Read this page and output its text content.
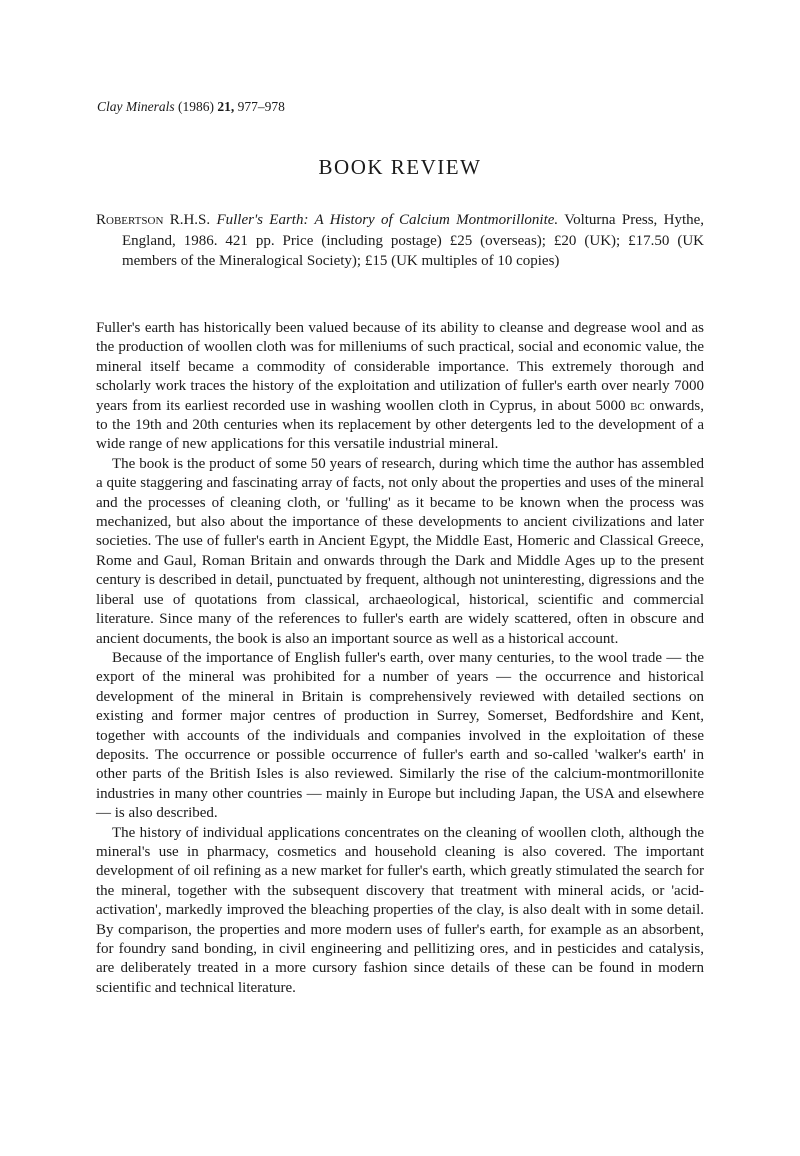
Clay Minerals (1986) 21, 977–978
BOOK REVIEW
Robertson R.H.S. Fuller's Earth: A History of Calcium Montmorillonite. Volturna Press, Hythe, England, 1986. 421 pp. Price (including postage) £25 (overseas); £20 (UK); £17.50 (UK members of the Mineralogical Society); £15 (UK multiples of 10 copies)

Fuller's earth has historically been valued because of its ability to cleanse and degrease wool and as the production of woollen cloth was for milleniums of such practical, social and economic value, the mineral itself became a commodity of considerable importance. This extremely thorough and scholarly work traces the history of the exploitation and utilization of fuller's earth over nearly 7000 years from its earliest recorded use in washing woollen cloth in Cyprus, in about 5000 bc onwards, to the 19th and 20th centuries when its replacement by other detergents led to the development of a wide range of new applications for this versatile industrial mineral.

The book is the product of some 50 years of research, during which time the author has assembled a quite staggering and fascinating array of facts, not only about the properties and uses of the mineral and the processes of cleaning cloth, or 'fulling' as it became to be known when the process was mechanized, but also about the importance of these developments to ancient civilizations and later societies. The use of fuller's earth in Ancient Egypt, the Middle East, Homeric and Classical Greece, Rome and Gaul, Roman Britain and onwards through the Dark and Middle Ages up to the present century is described in detail, punctuated by frequent, although not uninteresting, digressions and the liberal use of quotations from classical, archaeological, historical, scientific and commercial literature. Since many of the references to fuller's earth are widely scattered, often in obscure and ancient documents, the book is also an important source as well as a historical account.

Because of the importance of English fuller's earth, over many centuries, to the wool trade — the export of the mineral was prohibited for a number of years — the occurrence and historical development of the mineral in Britain is comprehensively reviewed with detailed sections on existing and former major centres of production in Surrey, Somerset, Bedfordshire and Kent, together with accounts of the individuals and companies involved in the exploitation of these deposits. The occurrence or possible occurrence of fuller's earth and so-called 'walker's earth' in other parts of the British Isles is also reviewed. Similarly the rise of the calcium-montmorillonite industries in many other countries — mainly in Europe but including Japan, the USA and elsewhere — is also described.

The history of individual applications concentrates on the cleaning of woollen cloth, although the mineral's use in pharmacy, cosmetics and household cleaning is also covered. The important development of oil refining as a new market for fuller's earth, which greatly stimulated the search for the mineral, together with the subsequent discovery that treatment with mineral acids, or 'acid-activation', markedly improved the bleaching properties of the clay, is also dealt with in some detail. By comparison, the properties and more modern uses of fuller's earth, for example as an absorbent, for foundry sand bonding, in civil engineering and pellitizing ores, and in pesticides and catalysis, are deliberately treated in a more cursory fashion since details of these can be found in modern scientific and technical literature.
